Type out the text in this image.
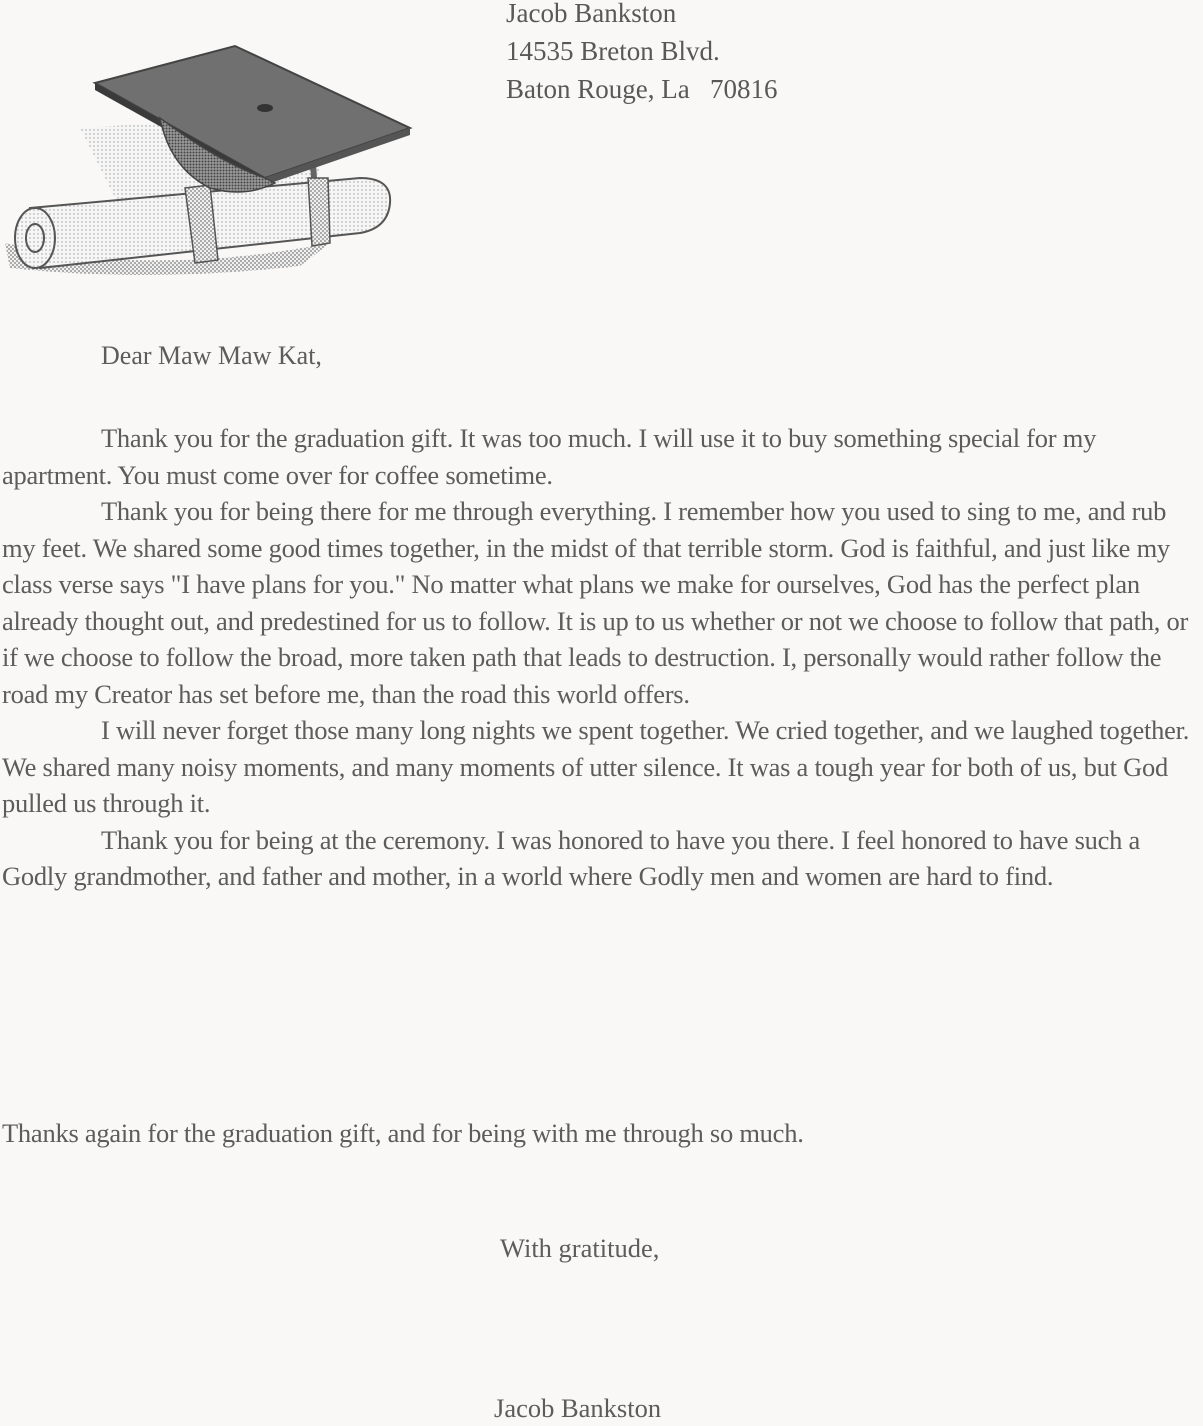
Jacob Bankston
14535 Breton Blvd.
Baton Rouge, La   70816
Dear Maw Maw Kat,

Thank you for the graduation gift. It was too much. I will use it to buy something special for my apartment. You must come over for coffee sometime.

Thank you for being there for me through everything. I remember how you used to sing to me, and rub my feet. We shared some good times together, in the midst of that terrible storm. God is faithful, and just like my class verse says "I have plans for you." No matter what plans we make for ourselves, God has the perfect plan already thought out, and predestined for us to follow. It is up to us whether or not we choose to follow that path, or if we choose to follow the broad, more taken path that leads to destruction. I, personally would rather follow the road my Creator has set before me, than the road this world offers.

I will never forget those many long nights we spent together. We cried together, and we laughed together. We shared many noisy moments, and many moments of utter silence. It was a tough year for both of us, but God pulled us through it.

Thank you for being at the ceremony. I was honored to have you there. I feel honored to have such a Godly grandmother, and father and mother, in a world where Godly men and women are hard to find.

Thanks again for the graduation gift, and for being with me through so much.
With gratitude,
Jacob Bankston
